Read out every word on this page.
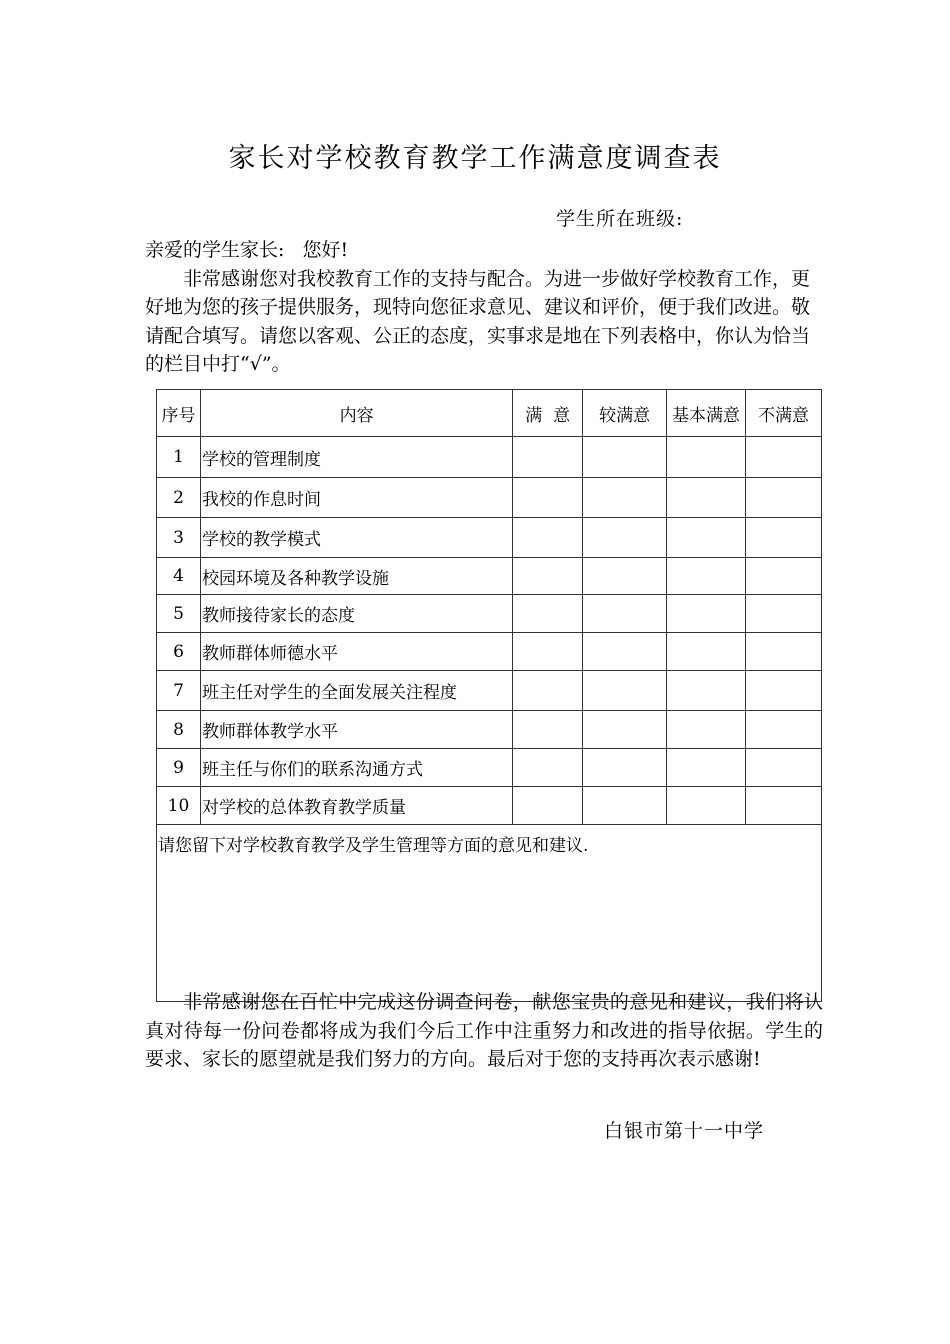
家长对学校教育教学工作满意度调查表
学生所在班级:

亲爱的学生家长:   您好!

非常感谢您对我校教育工作的支持与配合。为进一步做好学校教育工作，更好地为您的孩子提供服务，现特向您征求意见、建议和评价，便于我们改进。敬请配合填写。请您以客观、公正的态度，实事求是地在下列表格中，你认为恰当的栏目中打“√”。

序号	内容	满  意	较满意	基本满意	不满意
1	学校的管理制度				
2	我校的作息时间				
3	学校的教学模式				
4	校园环境及各种教学设施				
5	教师接待家长的态度				
6	教师群体师德水平				
7	班主任对学生的全面发展关注程度				
8	教师群体教学水平				
9	班主任与你们的联系沟通方式				
10	对学校的总体教育教学质量				
请您留下对学校教育教学及学生管理等方面的意见和建议.					

非常感谢您在百忙中完成这份调查问卷，献您宝贵的意见和建议，我们将认真对待每一份问卷都将成为我们今后工作中注重努力和改进的指导依据。学生的要求、家长的愿望就是我们努力的方向。最后对于您的支持再次表示感谢!

白银市第十一中学
